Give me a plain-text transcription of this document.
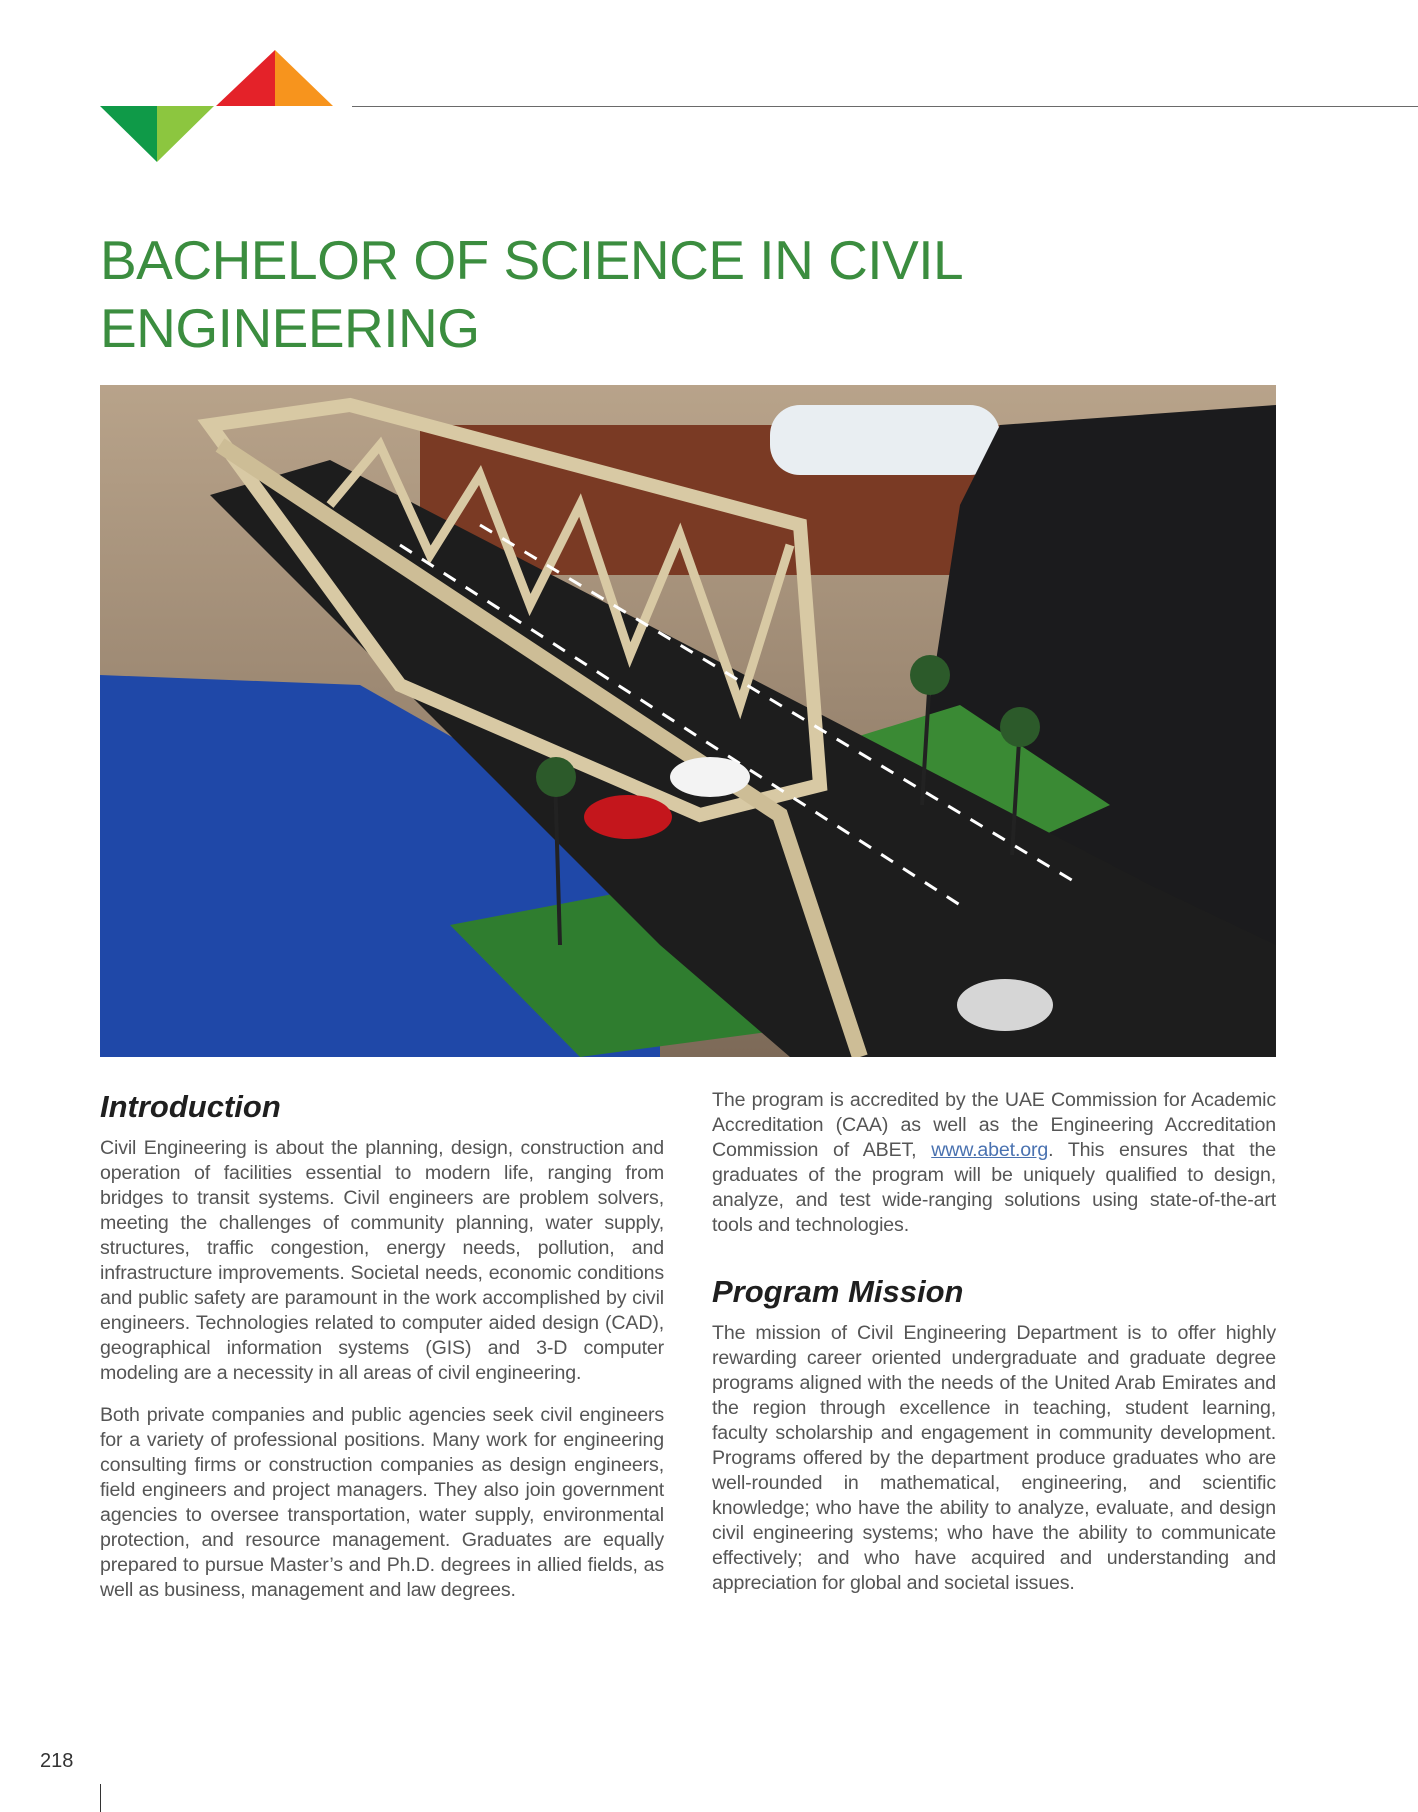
BACHELOR OF SCIENCE IN CIVIL
ENGINEERING
Introduction

Civil Engineering is about the planning, design, construction and operation of facilities essential to modern life, ranging from bridges to transit systems. Civil engineers are problem solvers, meeting the challenges of community planning, water supply, structures, traffic congestion, energy needs, pollution, and infrastructure improvements. Societal needs, economic conditions and public safety are paramount in the work accomplished by civil engineers. Technologies related to computer aided design (CAD), geographical information systems (GIS) and 3-D computer modeling are a necessity in all areas of civil engineering.

Both private companies and public agencies seek civil engineers for a variety of professional positions. Many work for engineering consulting firms or construction companies as design engineers, field engineers and project managers. They also join government agencies to oversee transportation, water supply, environmental protection, and resource management. Graduates are equally prepared to pursue Master’s and Ph.D. degrees in allied fields, as well as business, management and law degrees.

The program is accredited by the UAE Commission for Academic Accreditation (CAA) as well as the Engineering Accreditation Commission of ABET, www.abet.org. This ensures that the graduates of the program will be uniquely qualified to design, analyze, and test wide-ranging solutions using state-of-the-art tools and technologies.

Program Mission

The mission of Civil Engineering Department is to offer highly rewarding career oriented undergraduate and graduate degree programs aligned with the needs of the United Arab Emirates and the region through excellence in teaching, student learning, faculty scholarship and engagement in community development. Programs offered by the department produce graduates who are well-rounded in mathematical, engineering, and scientific knowledge; who have the ability to analyze, evaluate, and design civil engineering systems; who have the ability to communicate effectively; and who have acquired and understanding and appreciation for global and societal issues.

218
